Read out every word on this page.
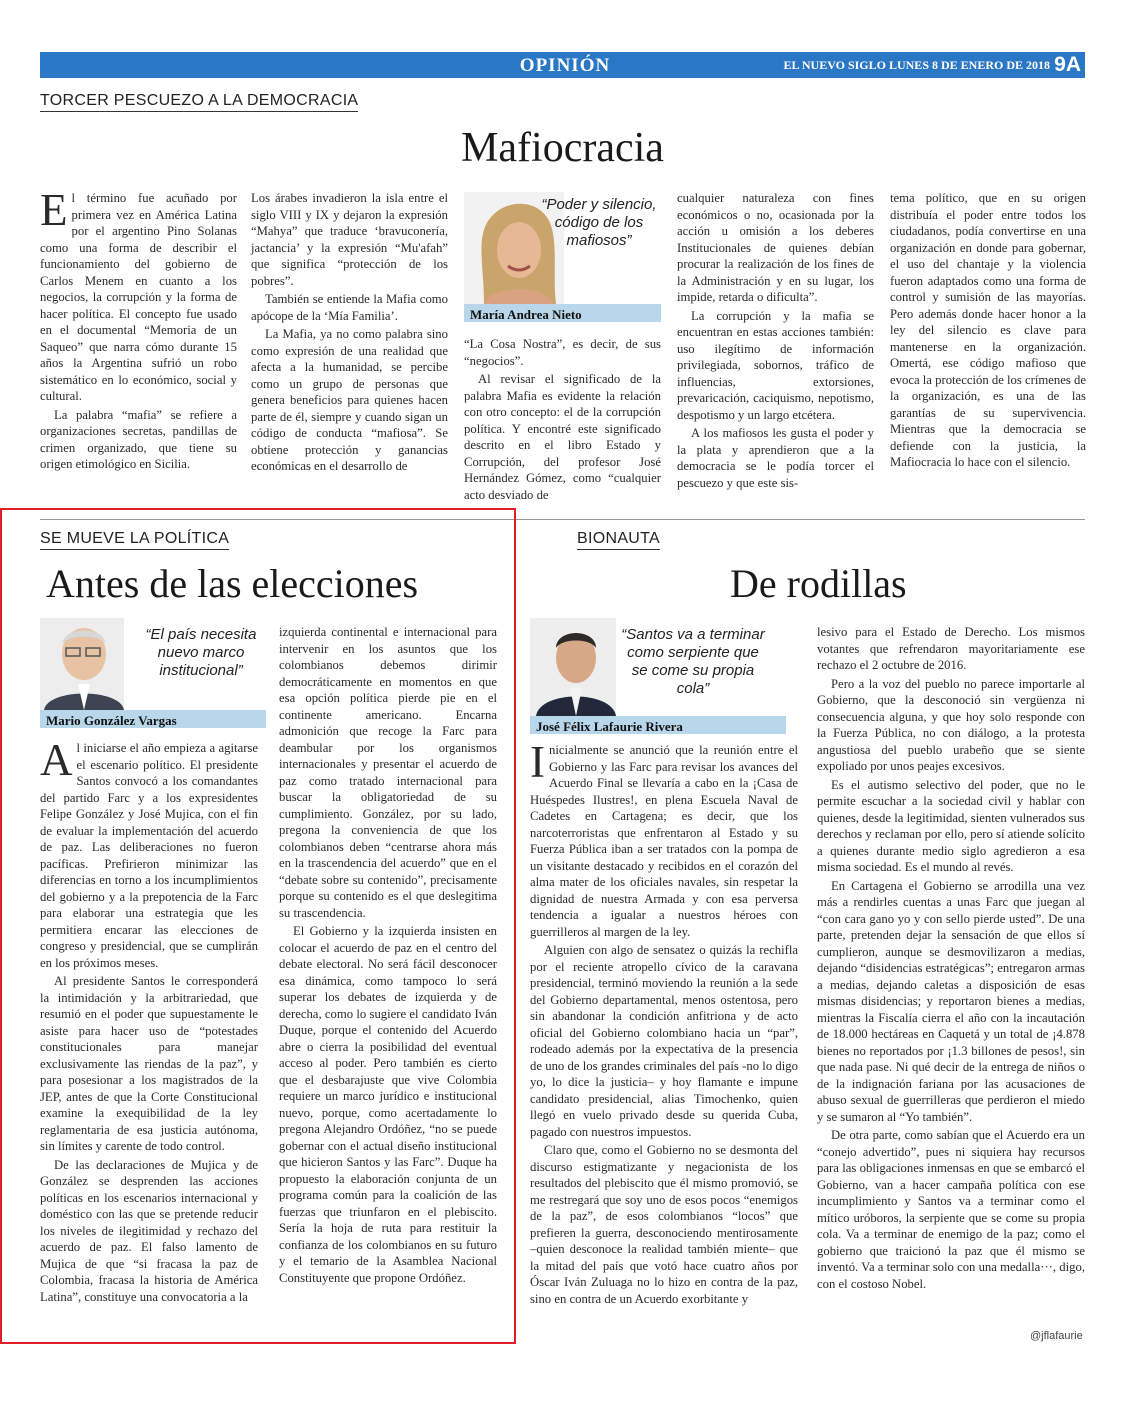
OPINIÓN	EL NUEVO SIGLO LUNES 8 DE ENERO DE 2018 9A
TORCER PESCUEZO A LA DEMOCRACIA
Mafiocracia

El término fue acuñado por primera vez en América Latina por el argentino Pino Solanas como una forma de describir el funcionamiento del gobierno de Carlos Menem en cuanto a los negocios, la corrupción y la forma de hacer política. El concepto fue usado en el documental “Memoria de un Saqueo” que narra cómo durante 15 años la Argentina sufrió un robo sistemático en lo económico, social y cultural.

La palabra “mafia” se refiere a organizaciones secretas, pandillas de crimen organizado, que tiene su origen etimológico en Sicilia.

Los árabes invadieron la isla entre el siglo VIII y IX y dejaron la expresión “Mahya” que traduce ‘bravuconería, jactancia’ y la expresión “Mu'afah” que significa “protección de los pobres”.

También se entiende la Mafia como apócope de la ‘Mía Familia’.

La Mafia, ya no como palabra sino como expresión de una realidad que afecta a la humanidad, se percibe como un grupo de personas que genera beneficios para quienes hacen parte de él, siempre y cuando sigan un código de conducta “mafiosa”. Se obtiene protección y ganancias económicas en el desarrollo de

“Poder y silencio, código de los mafiosos”
María Andrea Nieto

“La Cosa Nostra”, es decir, de sus “negocios”.

Al revisar el significado de la palabra Mafia es evidente la relación con otro concepto: el de la corrupción política. Y encontré este significado descrito en el libro Estado y Corrupción, del profesor José Hernández Gómez, como “cualquier acto desviado de

cualquier naturaleza con fines económicos o no, ocasionada por la acción u omisión a los deberes Institucionales de quienes debían procurar la realización de los fines de la Administración y en su lugar, los impide, retarda o dificulta”.

La corrupción y la mafia se encuentran en estas acciones también: uso ilegítimo de información privilegiada, sobornos, tráfico de influencias, extorsiones, prevaricación, caciquismo, nepotismo, despotismo y un largo etcétera.

A los mafiosos les gusta el poder y la plata y aprendieron que a la democracia se le podía torcer el pescuezo y que este sis-

tema político, que en su origen distribuía el poder entre todos los ciudadanos, podía convertirse en una organización en donde para gobernar, el uso del chantaje y la violencia fueron adaptados como una forma de control y sumisión de las mayorías. Pero además donde hacer honor a la ley del silencio es clave para mantenerse en la organización. Omertá, ese código mafioso que evoca la protección de los crímenes de la organización, es una de las garantías de su supervivencia. Mientras que la democracia se defiende con la justicia, la Mafiocracia lo hace con el silencio.

SE MUEVE LA POLÍTICA
Antes de las elecciones
“El país necesita nuevo marco institucional”
Mario González Vargas

Al iniciarse el año empieza a agitarse el escenario político. El presidente Santos convocó a los comandantes del partido Farc y a los expresidentes Felipe González y José Mujica, con el fin de evaluar la implementación del acuerdo de paz. Las deliberaciones no fueron pacíficas. Prefirieron minimizar las diferencias en torno a los incumplimientos del gobierno y a la prepotencia de la Farc para elaborar una estrategia que les permitiera encarar las elecciones de congreso y presidencial, que se cumplirán en los próximos meses.

Al presidente Santos le corresponderá la intimidación y la arbitrariedad, que resumió en el poder que supuestamente le asiste para hacer uso de “potestades constitucionales para manejar exclusivamente las riendas de la paz”, y para posesionar a los magistrados de la JEP, antes de que la Corte Constitucional examine la exequibilidad de la ley reglamentaria de esa justicia autónoma, sin límites y carente de todo control.

De las declaraciones de Mujica y de González se desprenden las acciones políticas en los escenarios internacional y doméstico con las que se pretende reducir los niveles de ilegitimidad y rechazo del acuerdo de paz. El falso lamento de Mujica de que “si fracasa la paz de Colombia, fracasa la historia de América Latina”, constituye una convocatoria a la

izquierda continental e internacional para intervenir en los asuntos que los colombianos debemos dirimir democráticamente en momentos en que esa opción política pierde pie en el continente americano. Encarna admonición que recoge la Farc para deambular por los organismos internacionales y presentar el acuerdo de paz como tratado internacional para buscar la obligatoriedad de su cumplimiento. González, por su lado, pregona la conveniencia de que los colombianos deben “centrarse ahora más en la trascendencia del acuerdo” que en el “debate sobre su contenido”, precisamente porque su contenido es el que deslegitima su trascendencia.

El Gobierno y la izquierda insisten en colocar el acuerdo de paz en el centro del debate electoral. No será fácil desconocer esa dinámica, como tampoco lo será superar los debates de izquierda y de derecha, como lo sugiere el candidato Iván Duque, porque el contenido del Acuerdo abre o cierra la posibilidad del eventual acceso al poder. Pero también es cierto que el desbarajuste que vive Colombia requiere un marco jurídico e institucional nuevo, porque, como acertadamente lo pregona Alejandro Ordóñez, “no se puede gobernar con el actual diseño institucional que hicieron Santos y las Farc”. Duque ha propuesto la elaboración conjunta de un programa común para la coalición de las fuerzas que triunfaron en el plebiscito. Sería la hoja de ruta para restituir la confianza de los colombianos en su futuro y el temario de la Asamblea Nacional Constituyente que propone Ordóñez.

BIONAUTA
De rodillas
“Santos va a terminar como serpiente que se come su propia cola”
José Félix Lafaurie Rivera

Inicialmente se anunció que la reunión entre el Gobierno y las Farc para revisar los avances del Acuerdo Final se llevaría a cabo en la ¡Casa de Huéspedes Ilustres!, en plena Escuela Naval de Cadetes en Cartagena; es decir, que los narcoterroristas que enfrentaron al Estado y su Fuerza Pública iban a ser tratados con la pompa de un visitante destacado y recibidos en el corazón del alma mater de los oficiales navales, sin respetar la dignidad de nuestra Armada y con esa perversa tendencia a igualar a nuestros héroes con guerrilleros al margen de la ley.

Alguien con algo de sensatez o quizás la rechifla por el reciente atropello cívico de la caravana presidencial, terminó moviendo la reunión a la sede del Gobierno departamental, menos ostentosa, pero sin abandonar la condición anfitriona y de acto oficial del Gobierno colombiano hacia un “par”, rodeado además por la expectativa de la presencia de uno de los grandes criminales del país -no lo digo yo, lo dice la justicia– y hoy flamante e impune candidato presidencial, alias Timochenko, quien llegó en vuelo privado desde su querida Cuba, pagado con nuestros impuestos.

Claro que, como el Gobierno no se desmonta del discurso estigmatizante y negacionista de los resultados del plebiscito que él mismo promovió, se me restregará que soy uno de esos pocos “enemigos de la paz”, de esos colombianos “locos” que prefieren la guerra, desconociendo mentirosamente –quien desconoce la realidad también miente– que la mitad del país que votó hace cuatro años por Óscar Iván Zuluaga no lo hizo en contra de la paz, sino en contra de un Acuerdo exorbitante y

lesivo para el Estado de Derecho. Los mismos votantes que refrendaron mayoritariamente ese rechazo el 2 octubre de 2016.

Pero a la voz del pueblo no parece importarle al Gobierno, que la desconoció sin vergüenza ni consecuencia alguna, y que hoy solo responde con la Fuerza Pública, no con diálogo, a la protesta angustiosa del pueblo urabeño que se siente expoliado por unos peajes excesivos.

Es el autismo selectivo del poder, que no le permite escuchar a la sociedad civil y hablar con quienes, desde la legitimidad, sienten vulnerados sus derechos y reclaman por ello, pero sí atiende solícito a quienes durante medio siglo agredieron a esa misma sociedad. Es el mundo al revés.

En Cartagena el Gobierno se arrodilla una vez más a rendirles cuentas a unas Farc que juegan al “con cara gano yo y con sello pierde usted”. De una parte, pretenden dejar la sensación de que ellos sí cumplieron, aunque se desmovilizaron a medias, dejando “disidencias estratégicas”; entregaron armas a medias, dejando caletas a disposición de esas mismas disidencias; y reportaron bienes a medias, mientras la Fiscalía cierra el año con la incautación de 18.000 hectáreas en Caquetá y un total de ¡4.878 bienes no reportados por ¡1.3 billones de pesos!, sin que nada pase. Ni qué decir de la entrega de niños o de la indignación fariana por las acusaciones de abuso sexual de guerrilleras que perdieron el miedo y se sumaron al “Yo también”.

De otra parte, como sabían que el Acuerdo era un “conejo advertido”, pues ni siquiera hay recursos para las obligaciones inmensas en que se embarcó el Gobierno, van a hacer campaña política con ese incumplimiento y Santos va a terminar como el mítico uróboros, la serpiente que se come su propia cola. Va a terminar de enemigo de la paz; como el gobierno que traicionó la paz que él mismo se inventó. Va a terminar solo con una medalla···, digo, con el costoso Nobel.

@jflafaurie
